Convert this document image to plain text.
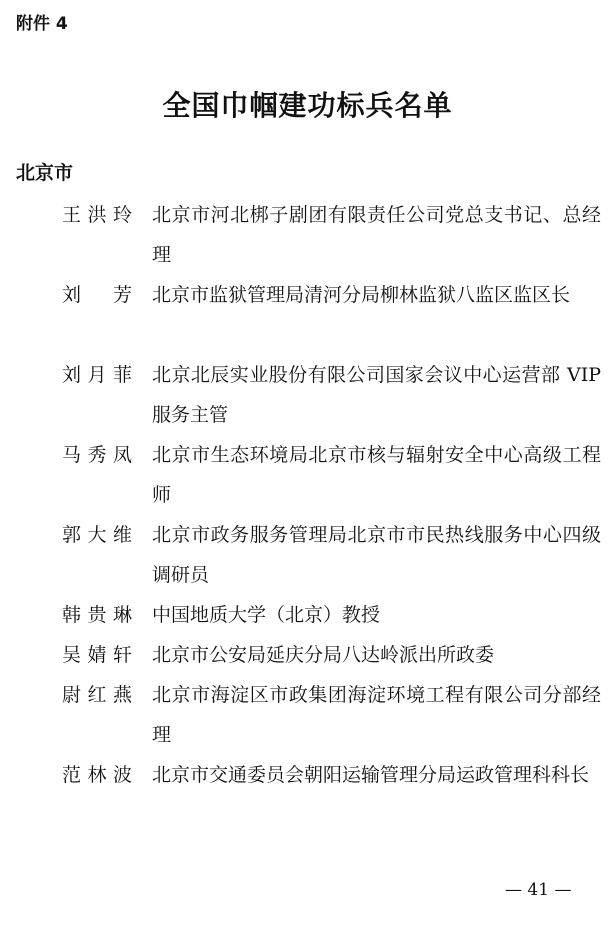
附件 4
全国巾帼建功标兵名单
北京市
王洪玲 北京市河北梆子剧团有限责任公司党总支书记、总经理
刘芳 北京市监狱管理局清河分局柳林监狱八监区监区长
刘月菲 北京北辰实业股份有限公司国家会议中心运营部 VIP 服务主管
马秀凤 北京市生态环境局北京市核与辐射安全中心高级工程师
郭大维 北京市政务服务管理局北京市市民热线服务中心四级调研员
韩贵琳 中国地质大学（北京）教授
吴婧轩 北京市公安局延庆分局八达岭派出所政委
尉红燕 北京市海淀区市政集团海淀环境工程有限公司分部经理
范林波 北京市交通委员会朝阳运输管理分局运政管理科科长
— 41 —
